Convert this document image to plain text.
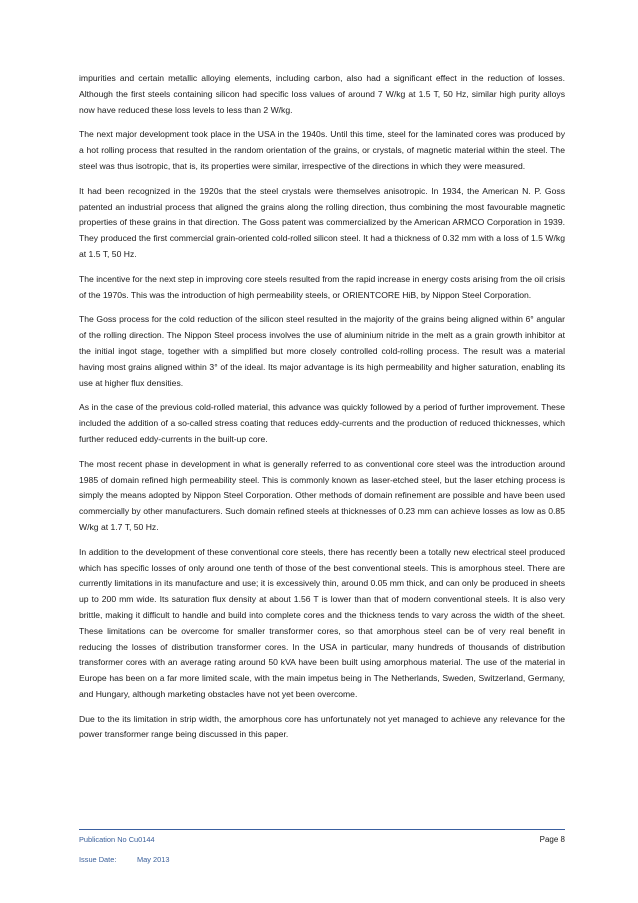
impurities and certain metallic alloying elements, including carbon, also had a significant effect in the reduction of losses. Although the first steels containing silicon had specific loss values of around 7 W/kg at 1.5 T, 50 Hz, similar high purity alloys now have reduced these loss levels to less than 2 W/kg.

The next major development took place in the USA in the 1940s. Until this time, steel for the laminated cores was produced by a hot rolling process that resulted in the random orientation of the grains, or crystals, of magnetic material within the steel. The steel was thus isotropic, that is, its properties were similar, irrespective of the directions in which they were measured.

It had been recognized in the 1920s that the steel crystals were themselves anisotropic. In 1934, the American N. P. Goss patented an industrial process that aligned the grains along the rolling direction, thus combining the most favourable magnetic properties of these grains in that direction. The Goss patent was commercialized by the American ARMCO Corporation in 1939. They produced the first commercial grain-oriented cold-rolled silicon steel. It had a thickness of 0.32 mm with a loss of 1.5 W/kg at 1.5 T, 50 Hz.

The incentive for the next step in improving core steels resulted from the rapid increase in energy costs arising from the oil crisis of the 1970s. This was the introduction of high permeability steels, or ORIENTCORE HiB, by Nippon Steel Corporation.

The Goss process for the cold reduction of the silicon steel resulted in the majority of the grains being aligned within 6° angular of the rolling direction. The Nippon Steel process involves the use of aluminium nitride in the melt as a grain growth inhibitor at the initial ingot stage, together with a simplified but more closely controlled cold-rolling process. The result was a material having most grains aligned within 3° of the ideal. Its major advantage is its high permeability and higher saturation, enabling its use at higher flux densities.

As in the case of the previous cold-rolled material, this advance was quickly followed by a period of further improvement. These included the addition of a so-called stress coating that reduces eddy-currents and the production of reduced thicknesses, which further reduced eddy-currents in the built-up core.

The most recent phase in development in what is generally referred to as conventional core steel was the introduction around 1985 of domain refined high permeability steel. This is commonly known as laser-etched steel, but the laser etching process is simply the means adopted by Nippon Steel Corporation. Other methods of domain refinement are possible and have been used commercially by other manufacturers. Such domain refined steels at thicknesses of 0.23 mm can achieve losses as low as 0.85 W/kg at 1.7 T, 50 Hz.

In addition to the development of these conventional core steels, there has recently been a totally new electrical steel produced which has specific losses of only around one tenth of those of the best conventional steels. This is amorphous steel. There are currently limitations in its manufacture and use; it is excessively thin, around 0.05 mm thick, and can only be produced in sheets up to 200 mm wide. Its saturation flux density at about 1.56 T is lower than that of modern conventional steels. It is also very brittle, making it difficult to handle and build into complete cores and the thickness tends to vary across the width of the sheet. These limitations can be overcome for smaller transformer cores, so that amorphous steel can be of very real benefit in reducing the losses of distribution transformer cores. In the USA in particular, many hundreds of thousands of distribution transformer cores with an average rating around 50 kVA have been built using amorphous material. The use of the material in Europe has been on a far more limited scale, with the main impetus being in The Netherlands, Sweden, Switzerland, Germany, and Hungary, although marketing obstacles have not yet been overcome.

Due to the its limitation in strip width, the amorphous core has unfortunately not yet managed to achieve any relevance for the power transformer range being discussed in this paper.

Publication No Cu0144	Page 8
Issue Date:	May 2013
